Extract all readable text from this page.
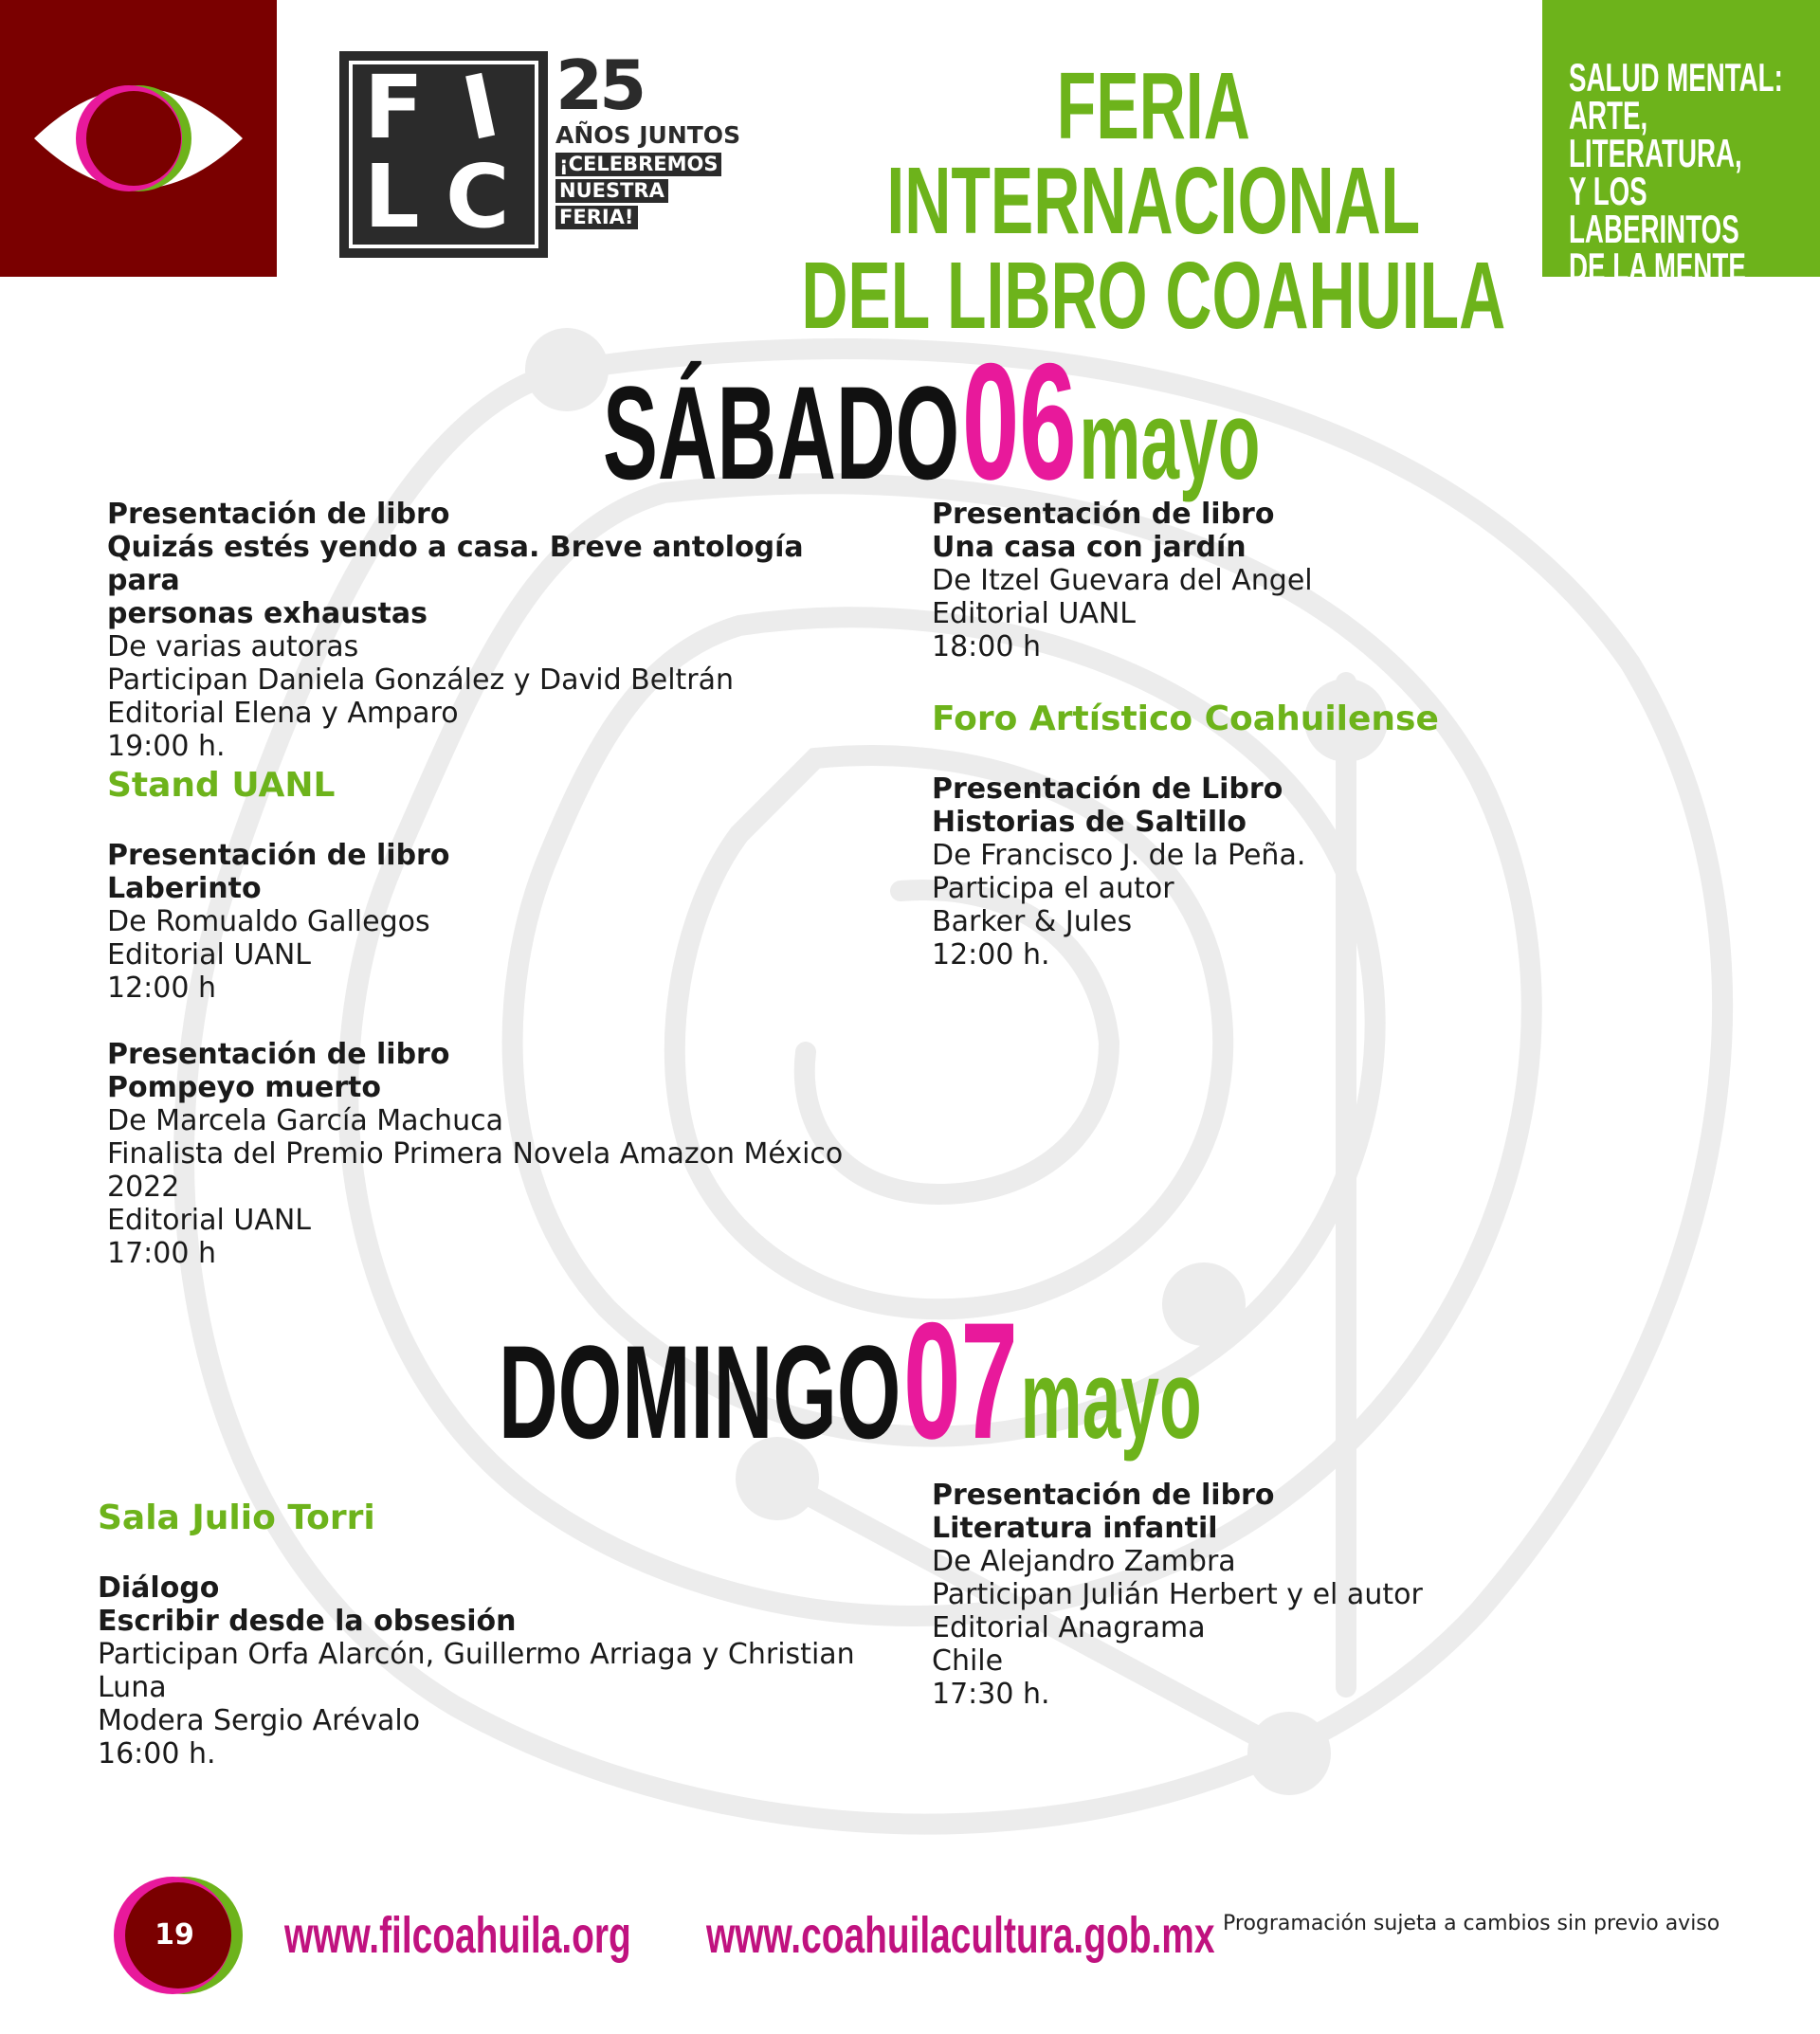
F I
L C
25
AÑOS JUNTOS
¡CELEBREMOS
NUESTRA
FERIA!
FERIA INTERNACIONAL
DEL LIBRO COAHUILA
SALUD MENTAL:
ARTE, LITERATURA,
Y LOS LABERINTOS
DE LA MENTE
SÁBADO 06 mayo

Presentación de libro

Quizás estés yendo a casa. Breve antología para

personas exhaustas

De varias autoras

Participan Daniela González y David Beltrán

Editorial Elena y Amparo

19:00 h.

Stand UANL

Presentación de libro

Laberinto

De Romualdo Gallegos

Editorial UANL

12:00 h

Presentación de libro

Pompeyo muerto

De Marcela García Machuca

Finalista del Premio Primera Novela Amazon México

2022

Editorial UANL

17:00 h

Presentación de libro

Una casa con jardín

De Itzel Guevara del Angel

Editorial UANL

18:00 h

Foro Artístico Coahuilense

Presentación de Libro

Historias de Saltillo

De Francisco J. de la Peña.

Participa el autor

Barker & Jules

12:00 h.

DOMINGO 07 mayo
Sala Julio Torri

Diálogo

Escribir desde la obsesión

Participan Orfa Alarcón, Guillermo Arriaga y Christian

Luna

Modera Sergio Arévalo

16:00 h.

Presentación de libro

Literatura infantil

De Alejandro Zambra

Participan Julián Herbert y el autor

Editorial Anagrama

Chile

17:30 h.

19	www.filcoahuila.org www.coahuilacultura.gob.mx Programación sujeta a cambios sin previo aviso
